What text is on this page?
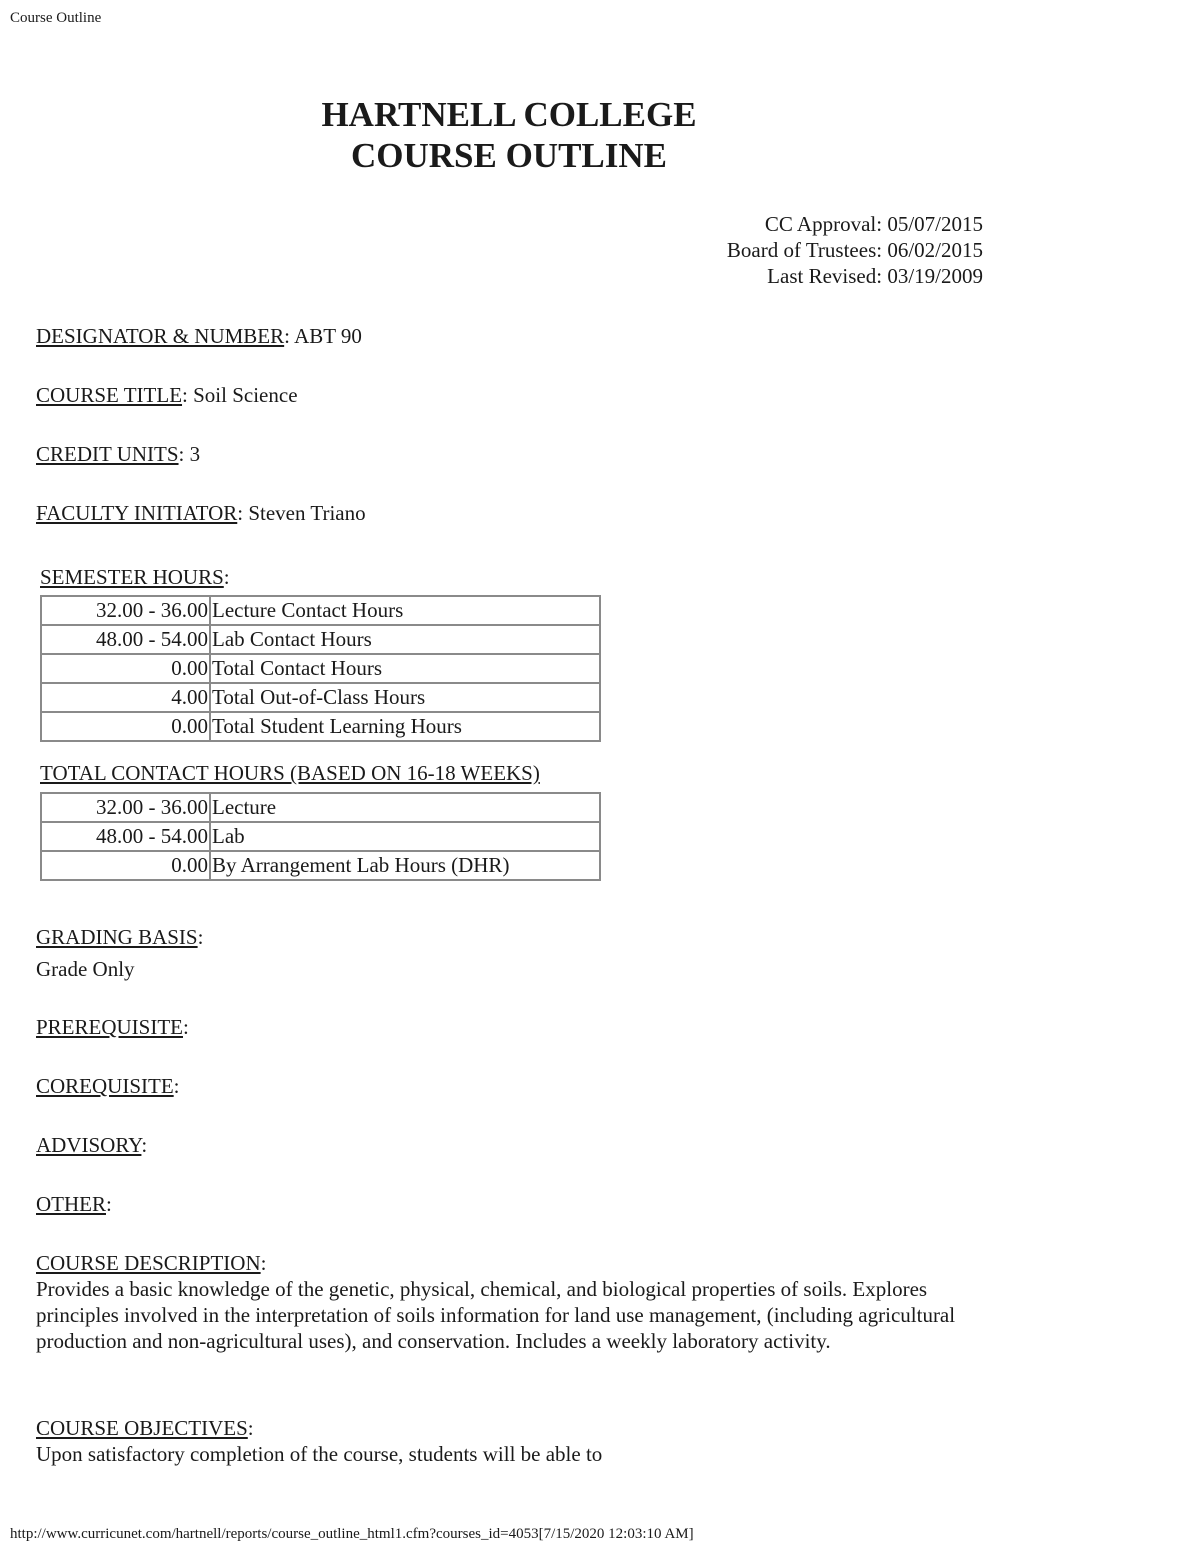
Course Outline
HARTNELL COLLEGE
COURSE OUTLINE
CC Approval: 05/07/2015
Board of Trustees: 06/02/2015
Last Revised: 03/19/2009
DESIGNATOR & NUMBER: ABT 90
COURSE TITLE: Soil Science
CREDIT UNITS: 3
FACULTY INITIATOR: Steven Triano
SEMESTER HOURS:
32.00 - 36.00	Lecture Contact Hours
48.00 - 54.00	Lab Contact Hours
0.00	Total Contact Hours
4.00	Total Out-of-Class Hours
0.00	Total Student Learning Hours
TOTAL CONTACT HOURS (BASED ON 16-18 WEEKS)
32.00 - 36.00	Lecture
48.00 - 54.00	Lab
0.00	By Arrangement Lab Hours (DHR)
GRADING BASIS:
Grade Only
PREREQUISITE:
COREQUISITE:
ADVISORY:
OTHER:
COURSE DESCRIPTION:
Provides a basic knowledge of the genetic, physical, chemical, and biological properties of soils. Explores principles involved in the interpretation of soils information for land use management, (including agricultural production and non-agricultural uses), and conservation. Includes a weekly laboratory activity.
COURSE OBJECTIVES:
Upon satisfactory completion of the course, students will be able to
http://www.curricunet.com/hartnell/reports/course_outline_html1.cfm?courses_id=4053[7/15/2020 12:03:10 AM]
